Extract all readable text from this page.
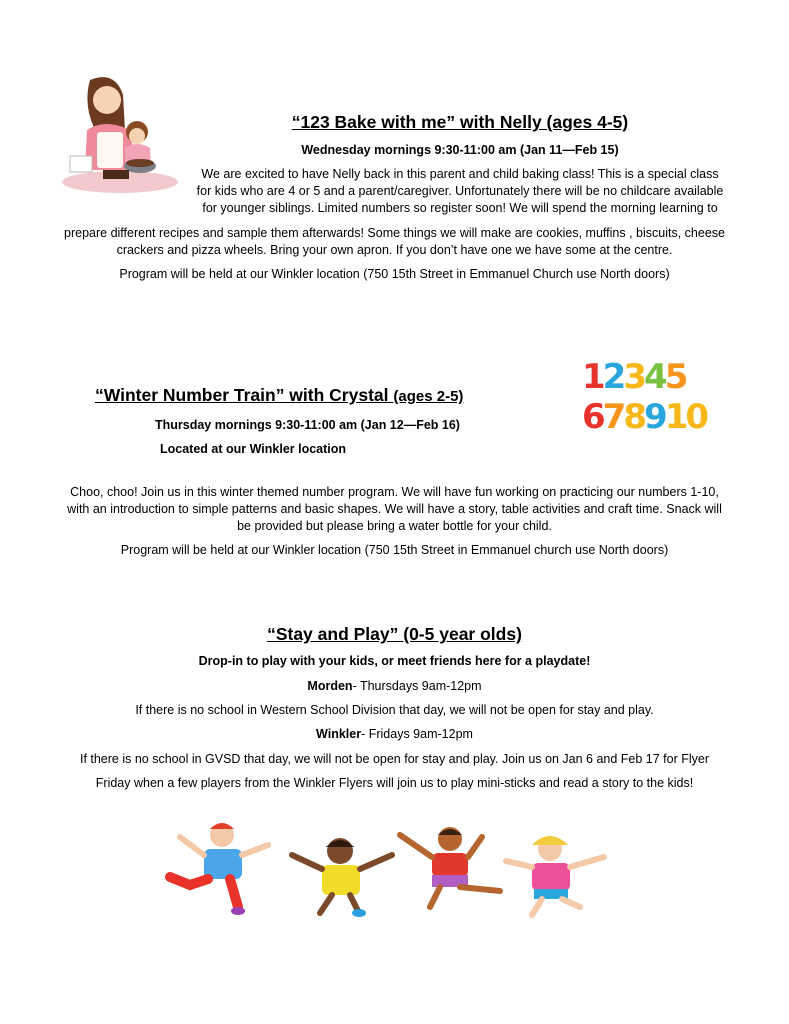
“123 Bake with me” with Nelly (ages 4-5)
Wednesday mornings 9:30-11:00 am (Jan 11—Feb 15)
We are excited to have Nelly back in this parent and child baking class! This is a special class
for kids who are 4 or 5 and a parent/caregiver. Unfortunately there will be no childcare available
for younger siblings. Limited numbers so register soon! We will spend the morning learning to
prepare different recipes and sample them afterwards! Some things we will make are cookies, muffins , biscuits, cheese
crackers and pizza wheels. Bring your own apron. If you don’t have one we have some at the centre.
Program will be held at our Winkler location (750 15th Street in Emmanuel Church use North doors)
“Winter Number Train” with Crystal (ages 2-5)
Thursday mornings 9:30-11:00 am (Jan 12—Feb 16)
Located at our Winkler location
12345
678910
Choo, choo! Join us in this winter themed number program. We will have fun working on practicing our numbers 1-10,
with an introduction to simple patterns and basic shapes. We will have a story, table activities and craft time. Snack will
be provided but please bring a water bottle for your child.
Program will be held at our Winkler location (750 15th Street in Emmanuel church use North doors)
“Stay and Play” (0-5 year olds)
Drop-in to play with your kids, or meet friends here for a playdate!
Morden- Thursdays 9am-12pm
If there is no school in Western School Division that day, we will not be open for stay and play.
Winkler- Fridays 9am-12pm
If there is no school in GVSD that day, we will not be open for stay and play. Join us on Jan 6 and Feb 17 for Flyer
Friday when a few players from the Winkler Flyers will join us to play mini-sticks and read a story to the kids!
